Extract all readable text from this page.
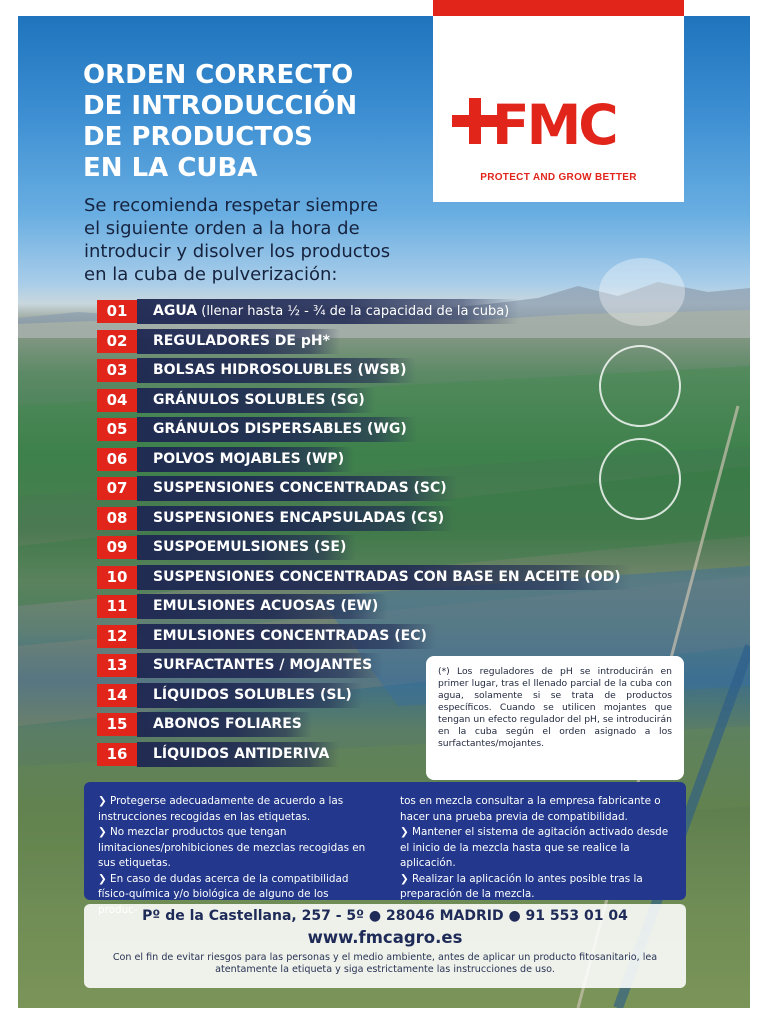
FMC
PROTECT AND GROW BETTER
ORDEN CORRECTO
DE INTRODUCCIÓN
DE PRODUCTOS
EN LA CUBA

Se recomienda respetar siempre
el siguiente orden a la hora de
introducir y disolver los productos
en la cuba de pulverización:

01	AGUA (llenar hasta ½ - ¾ de la capacidad de la cuba)
02	REGULADORES DE pH*
03	BOLSAS HIDROSOLUBLES (WSB)
04	GRÁNULOS SOLUBLES (SG)
05	GRÁNULOS DISPERSABLES (WG)
06	POLVOS MOJABLES (WP)
07	SUSPENSIONES CONCENTRADAS (SC)
08	SUSPENSIONES ENCAPSULADAS (CS)
09	SUSPOEMULSIONES (SE)
10	SUSPENSIONES CONCENTRADAS CON BASE EN ACEITE (OD)
11	EMULSIONES ACUOSAS (EW)
12	EMULSIONES CONCENTRADAS (EC)
13	SURFACTANTES / MOJANTES
14	LÍQUIDOS SOLUBLES (SL)
15	ABONOS FOLIARES
16	LÍQUIDOS ANTIDERIVA
(*) Los reguladores de pH se introducirán en primer lugar, tras el llenado parcial de la cuba con agua, solamente si se trata de productos específicos. Cuando se utilicen mojantes que tengan un efecto regulador del pH, se introducirán en la cuba según el orden asignado a los surfactantes/mojantes.
❯ Protegerse adecuadamente de acuerdo a las instrucciones recogidas en las etiquetas.
❯ No mezclar productos que tengan limitaciones/prohibiciones de mezclas recogidas en sus etiquetas.
❯ En caso de dudas acerca de la compatibilidad físico-química y/o biológica de alguno de los
tos en mezcla consultar a la empresa fabricante o hacer una prueba previa de compatibilidad.
❯ Mantener el sistema de agitación activado desde el inicio de la mezcla hasta que se realice la aplicación.
❯ Realizar la aplicación lo antes posible tras la preparación de la mezcla.
Pº de la Castellana, 257 - 5º ● 28046 MADRID ● 91 553 01 04
www.fmcagro.es
Con el fin de evitar riesgos para las personas y el medio ambiente, antes de aplicar un producto fitosanitario, lea atentamente la etiqueta y siga estrictamente las instrucciones de uso.
